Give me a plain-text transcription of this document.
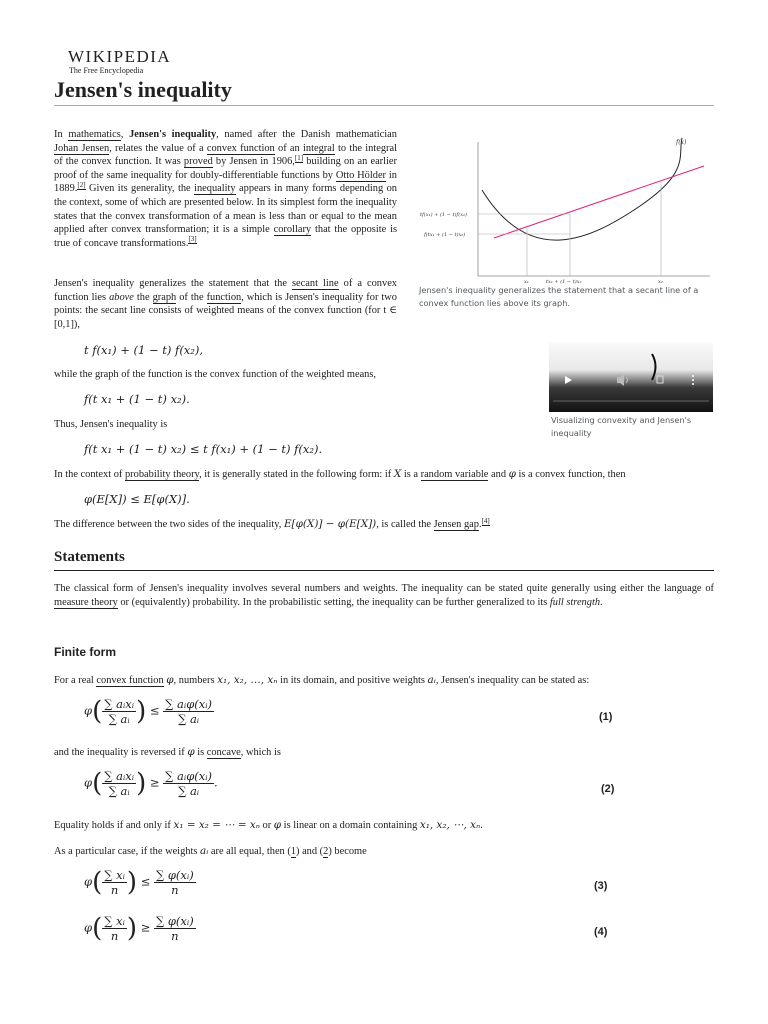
WIKIPEDIA
The Free Encyclopedia
Jensen's inequality

In mathematics, Jensen's inequality, named after the Danish mathematician Johan Jensen, relates the value of a convex function of an integral to the integral of the convex function. It was proved by Jensen in 1906,[1] building on an earlier proof of the same inequality for doubly-differentiable functions by Otto Hölder in 1889.[2] Given its generality, the inequality appears in many forms depending on the context, some of which are presented below. In its simplest form the inequality states that the convex transformation of a mean is less than or equal to the mean applied after convex transformation; it is a simple corollary that the opposite is true of concave transformations.[3]

Jensen's inequality generalizes the statement that the secant line of a convex function lies above the graph of the function, which is Jensen's inequality for two points: the secant line consists of weighted means of the convex function (for t ∈ [0,1]),

t f(x₁) + (1 − t) f(x₂),

while the graph of the function is the convex function of the weighted means,

f(t x₁ + (1 − t) x₂).

Thus, Jensen's inequality is

f(t x₁ + (1 − t) x₂) ≤ t f(x₁) + (1 − t) f(x₂).

In the context of probability theory, it is generally stated in the following form: if X is a random variable and φ is a convex function, then

φ(E[X]) ≤ E[φ(X)].

The difference between the two sides of the inequality, E[φ(X)] − φ(E[X]), is called the Jensen gap.[4]

Statements

The classical form of Jensen's inequality involves several numbers and weights. The inequality can be stated quite generally using either the language of measure theory or (equivalently) probability. In the probabilistic setting, the inequality can be further generalized to its full strength.

Finite form

For a real convex function φ, numbers x₁, x₂, …, xₙ in its domain, and positive weights aᵢ, Jensen's inequality can be stated as:

$\varphi( \frac{\text{∑ aᵢxᵢ}}{\text{∑ aᵢ}}$ ) ≤ $\frac{\text{∑ aᵢφ(xᵢ)}}{\text{∑ aᵢ}}$	(1)

and the inequality is reversed if φ is concave, which is

$\varphi( \frac{\text{∑ aᵢxᵢ}}{\text{∑ aᵢ}}$ ) ≥ $\frac{\text{∑ aᵢφ(xᵢ)}}{\text{∑ aᵢ}}$ .	(2)

Equality holds if and only if x₁ = x₂ = ⋯ = xₙ or φ is linear on a domain containing x₁, x₂, ⋯, xₙ.

As a particular case, if the weights aᵢ are all equal, then (1) and (2) become

$\varphi( \frac{\text{∑ xᵢ}}{n}$ ) ≤ $\frac{\text{∑ φ(xᵢ)}}{n}$	(3)
$\varphi( \frac{\text{∑ xᵢ}}{n}$ ) ≥ $\frac{\text{∑ φ(xᵢ)}}{n}$	(4)
f(x)
tf(x₁) + (1 − t)f(x₂)
f(tx₁ + (1 − t)x₂)
x₁	tx₁ + (1 − t)x₂	x₂

Jensen's inequality generalizes the statement that a secant line of a convex function lies above its graph.

Visualizing convexity and Jensen's inequality
